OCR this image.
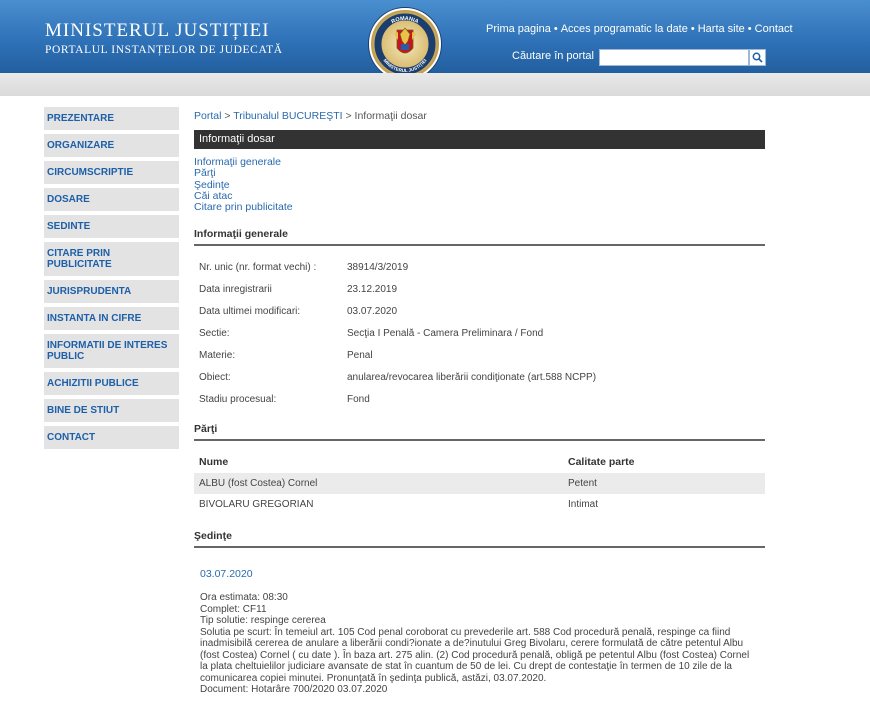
MINISTERUL JUSTIȚIEI
PORTALUL INSTANȚELOR DE JUDECATĂ
ROMANIA
MINISTERUL JUSTIȚIEI
Prima pagina • Acces programatic la date • Harta site • Contact
Căutare în portal
PREZENTARE
ORGANIZARE
CIRCUMSCRIPTIE
DOSARE
SEDINTE
CITARE PRIN PUBLICITATE
JURISPRUDENTA
INSTANTA IN CIFRE
INFORMATII DE INTERES PUBLIC
ACHIZITII PUBLICE
BINE DE STIUT
CONTACT
Portal > Tribunalul BUCUREŞTI > Informaţii dosar
Informaţii dosar
Informaţii generale
Părţi
Şedinţe
Căi atac
Citare prin publicitate
Informaţii generale
Nr. unic (nr. format vechi) :	38914/3/2019
Data inregistrarii	23.12.2019
Data ultimei modificari:	03.07.2020
Sectie:	Secţia I Penală - Camera Preliminara / Fond
Materie:	Penal
Obiect:	anularea/revocarea liberării condiţionate (art.588 NCPP)
Stadiu procesual:	Fond
Părţi
Nume	Calitate parte
ALBU (fost Costea) Cornel	Petent
BIVOLARU GREGORIAN	Intimat
Şedinţe
03.07.2020
Ora estimata: 08:30
Complet: CF11
Tip solutie: respinge cererea
Solutia pe scurt: În temeiul art. 105 Cod penal coroborat cu prevederile art. 588 Cod procedură penală, respinge ca fiind
inadmisibilă cererea de anulare a liberării condi?ionate a de?inutului Greg Bivolaru, cerere formulată de către petentul Albu
(fost Costea) Cornel ( cu date ). În baza art. 275 alin. (2) Cod procedură penală, obligă pe petentul Albu (fost Costea) Cornel
la plata cheltuielilor judiciare avansate de stat în cuantum de 50 de lei. Cu drept de contestaţie în termen de 10 zile de la
comunicarea copiei minutei. Pronunţată în şedinţa publică, astăzi, 03.07.2020.
Document: Hotarâre 700/2020 03.07.2020
